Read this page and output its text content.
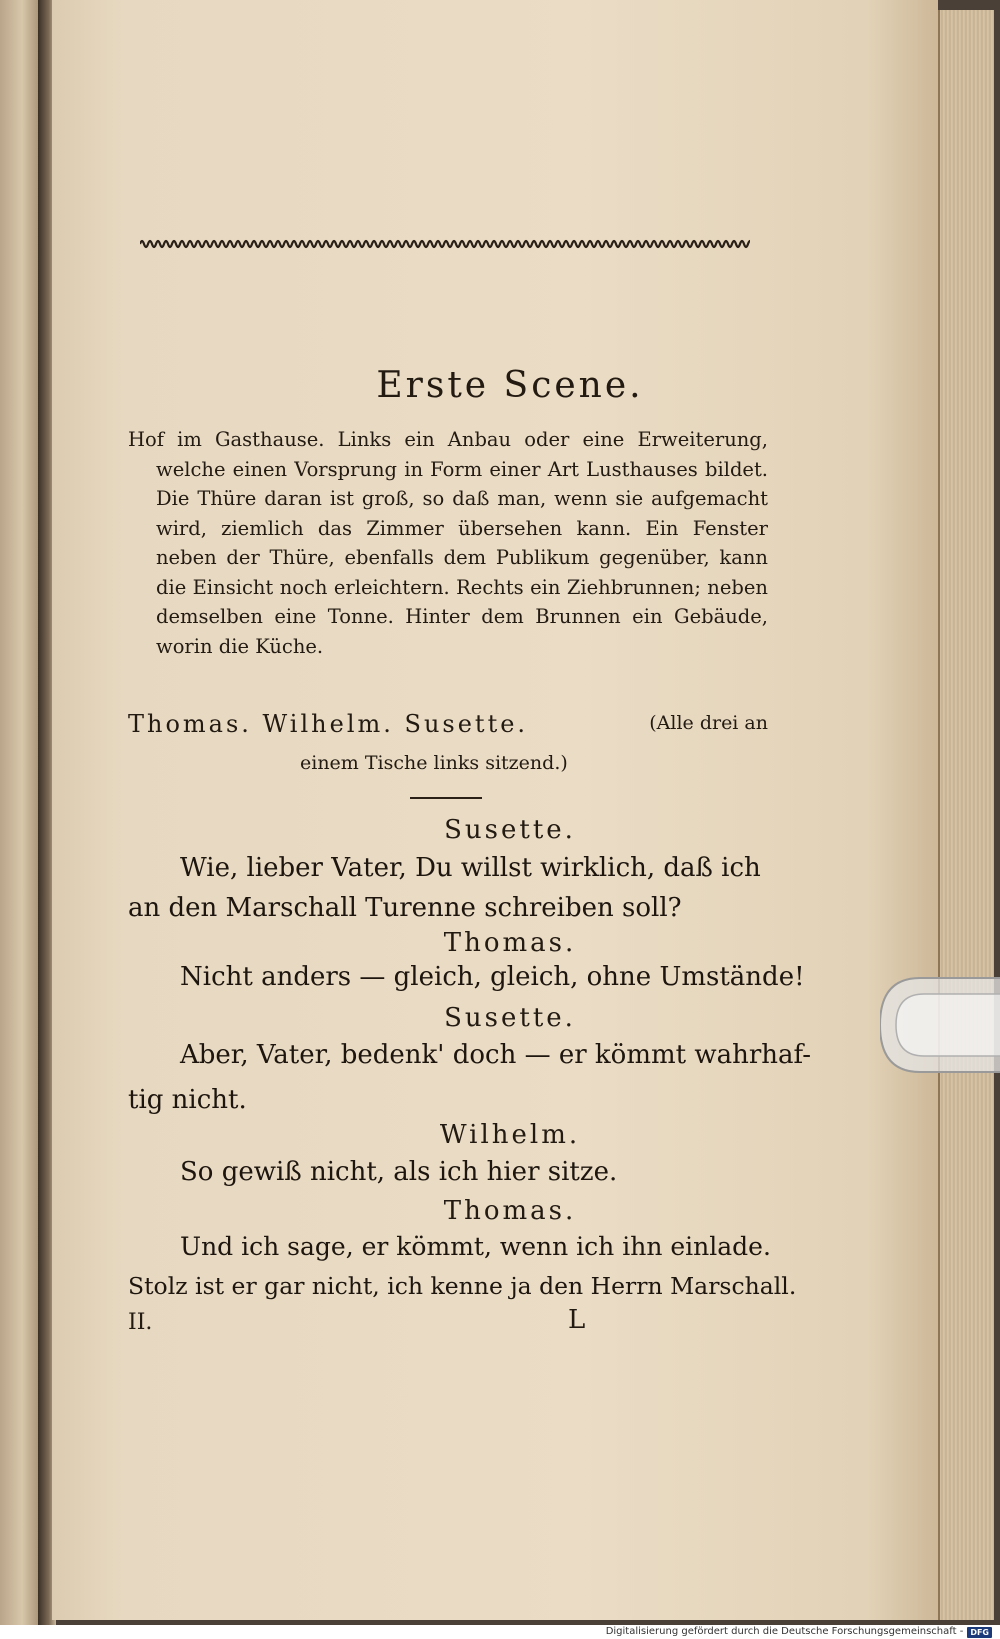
Erste Scene.

Hof im Gasthause. Links ein Anbau oder eine Erweiterung, welche einen Vorsprung in Form einer Art Lusthauses bildet. Die Thüre daran ist groß, so daß man, wenn sie aufgemacht wird, ziemlich das Zimmer übersehen kann. Ein Fenster neben der Thüre, ebenfalls dem Publikum gegenüber, kann die Einsicht noch erleichtern. Rechts ein Ziehbrunnen; neben demselben eine Tonne. Hinter dem Brunnen ein Gebäude, worin die Küche.

Thomas. Wilhelm. Susette.	(Alle drei an
einem Tische links sitzend.)
Susette.
Wie, lieber Vater, Du willst wirklich, daß ich
an den Marschall Turenne schreiben soll?
Thomas.
Nicht anders — gleich, gleich, ohne Umstände!
Susette.
Aber, Vater, bedenk' doch — er kömmt wahrhaf-
tig nicht.
Wilhelm.
So gewiß nicht, als ich hier sitze.
Thomas.
Und ich sage, er kömmt, wenn ich ihn einlade.
Stolz ist er gar nicht, ich kenne ja den Herrn Marschall.
II.	L
Digitalisierung gefördert durch die Deutsche Forschungsgemeinschaft - DFG
